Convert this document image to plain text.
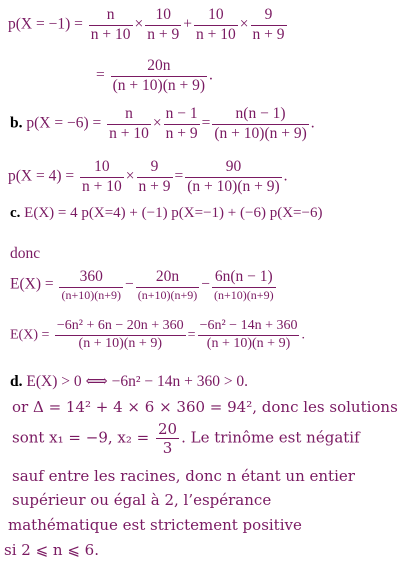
$p(X = -1) = \frac{n}{n + 10} \times \frac{10}{n + 9} + \frac{10}{n + 10} \times \frac{9}{n + 9}$
= $\frac{20n}{(n + 10)(n + 9)}$ .
b. $p(X = -6) = \frac{n}{n + 10} \times \frac{n - 1}{n + 9} = \frac{n(n - 1)}{(n + 10)(n + 9)}$ .
$p(X = 4) = \frac{10}{n + 10} \times \frac{9}{n + 9} = \frac{90}{(n + 10)(n + 9)}$ .
c. E(X) = 4 p(X=4) + (−1) p(X=−1) + (−6) p(X=−6)
donc
$E(X) = \frac{360}{(n+10)(n+9)} - \frac{20n}{(n+10)(n+9)} - \frac{6n(n - 1)}{(n+10)(n+9)}$
$E(X) = \frac{\text{−6n² + 6n − 20n + 360}}{(n + 10)(n + 9)} = \frac{\text{−6n² − 14n + 360}}{(n + 10)(n + 9)}$ .
d. E(X) > 0 ⟺ −6n² − 14n + 360 > 0.
or Δ = 14² + 4 × 6 × 360 = 94², donc les solutions
sont x₁ = −9, $x_2 = \frac{20}{3}$ . Le trinôme est négatif
sauf entre les racines, donc n étant un entier
supérieur ou égal à 2, l’espérance
mathématique est strictement positive
si 2 ⩽ n ⩽ 6.
